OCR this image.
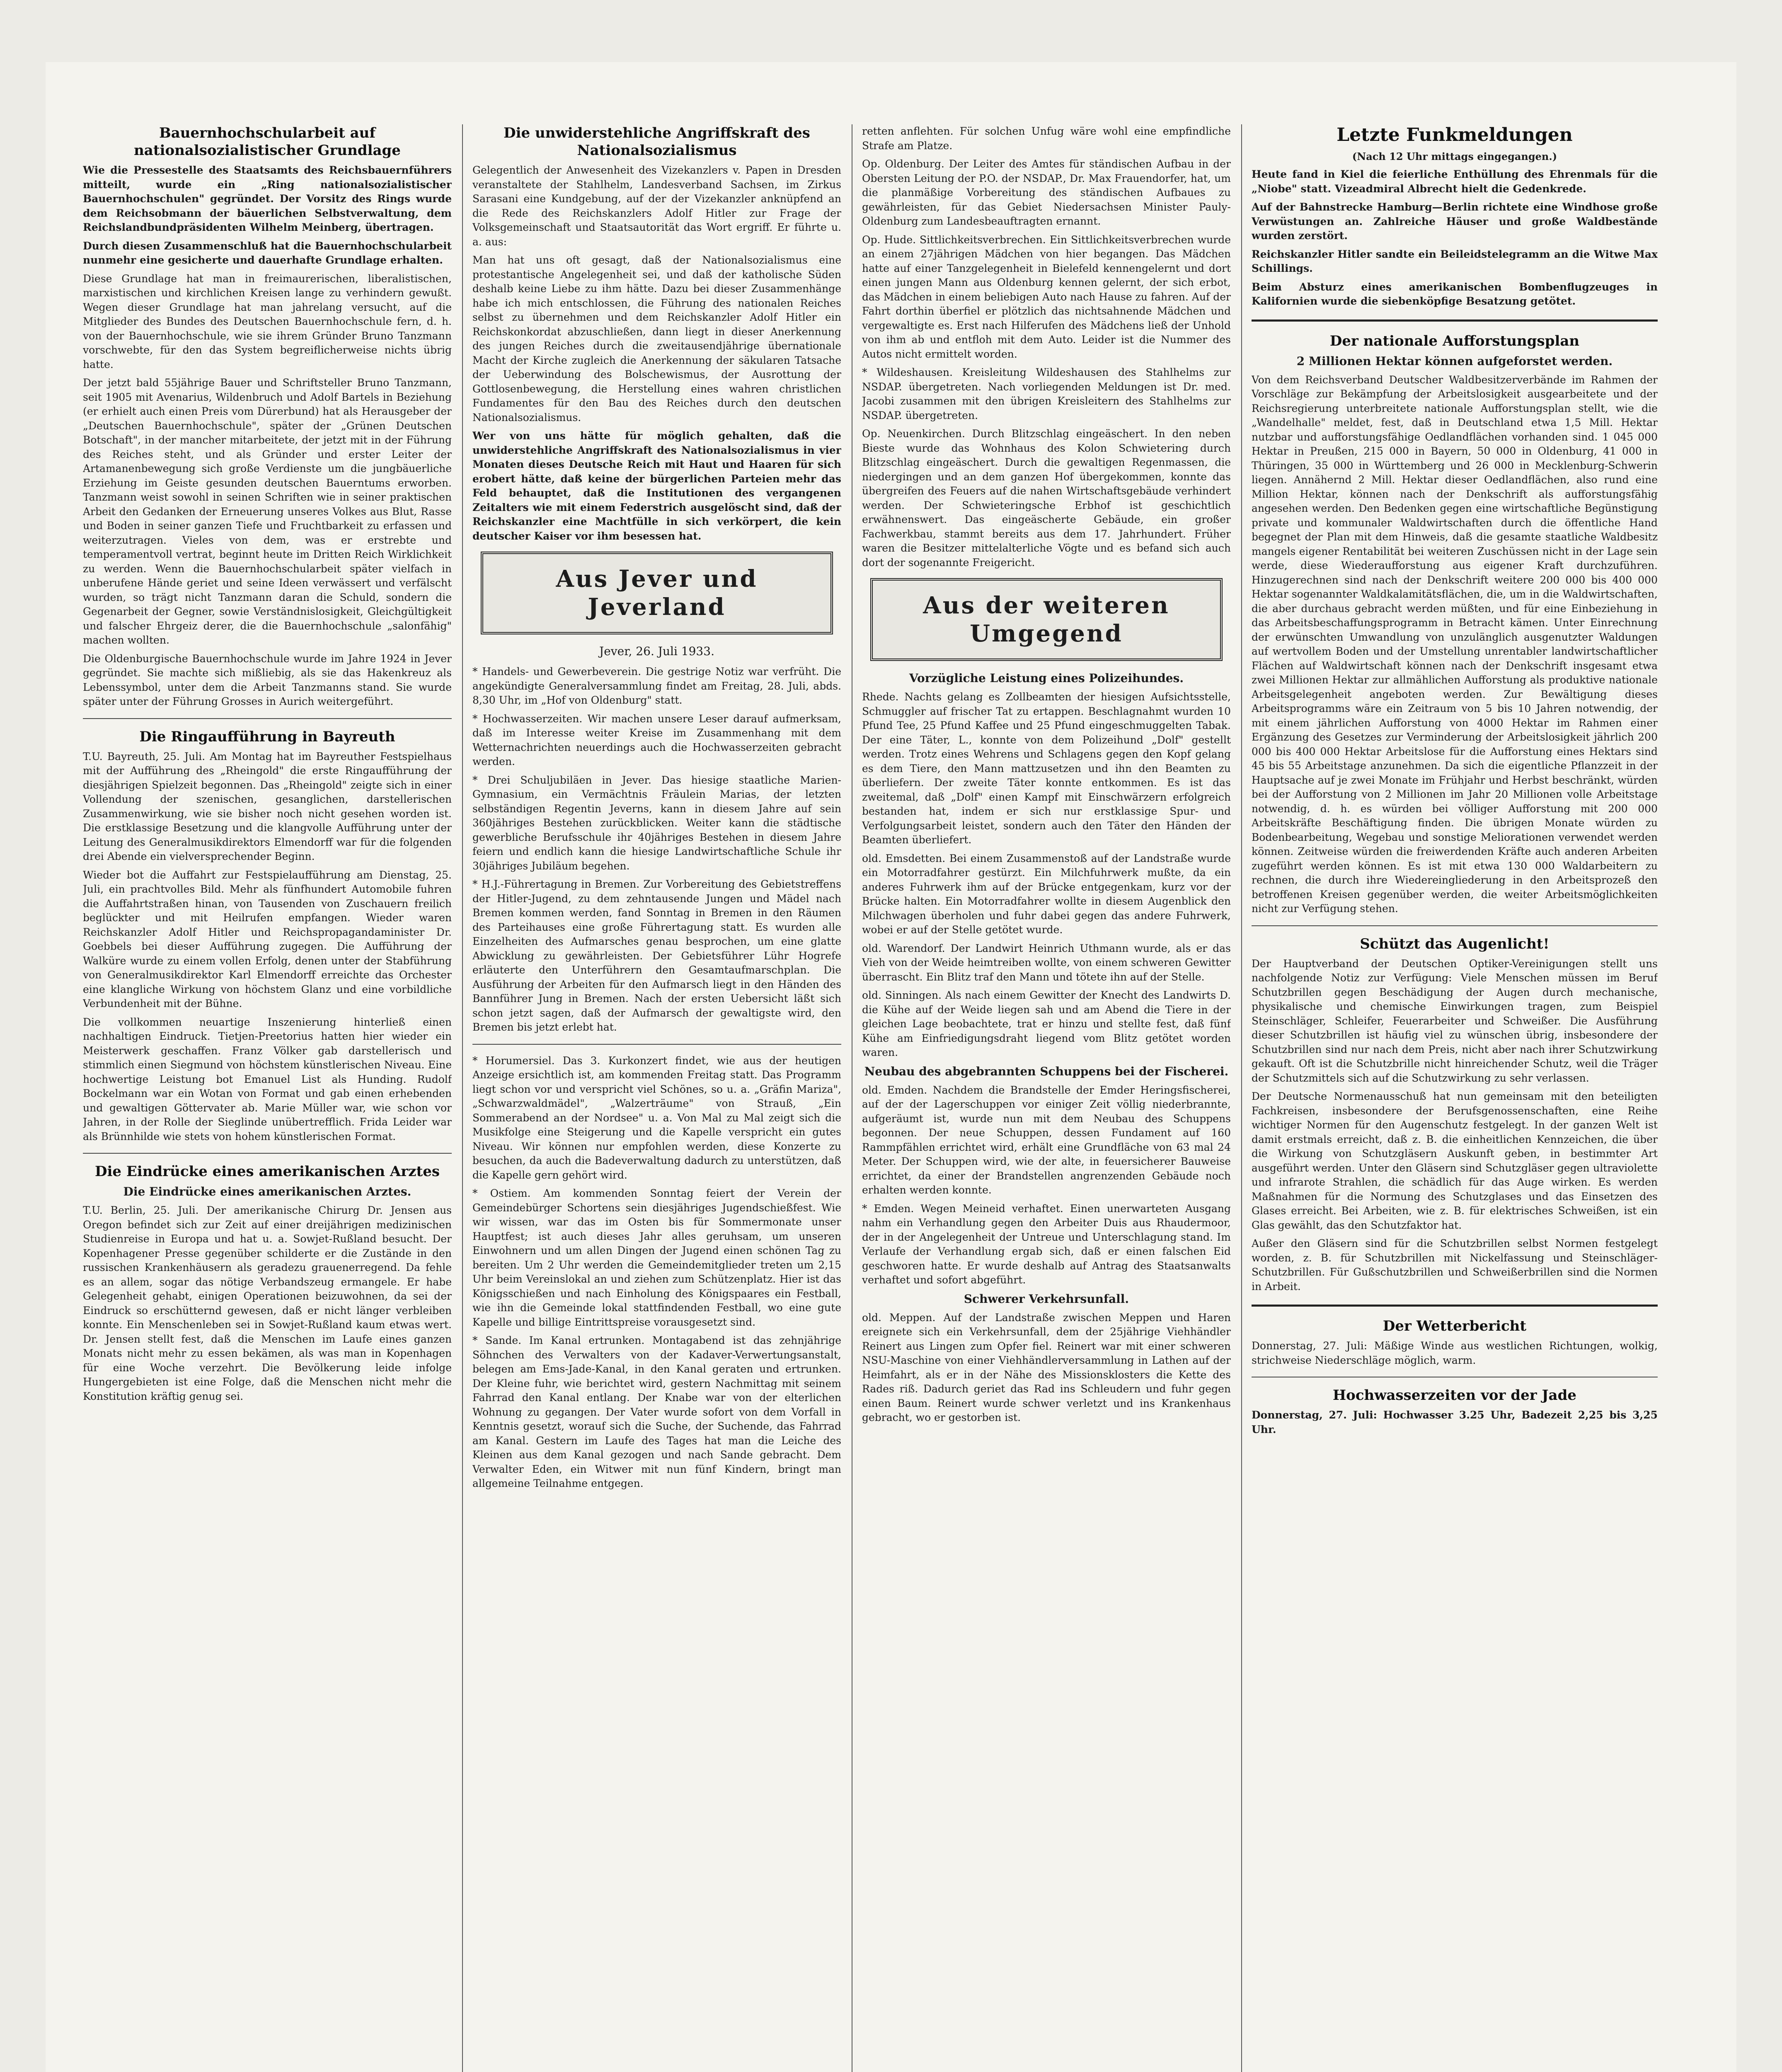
Bauernhochschularbeit auf nationalsozialistischer Grundlage
Wie die Pressestelle des Staatsamts des Reichsbauernführers mitteilt, wurde ein „Ring nationalsozialistischer Bauernhochschulen" gegründet. Der Vorsitz des Rings wurde dem Reichsobmann der bäuerlichen Selbstverwaltung, dem Reichslandbundpräsidenten Wilhelm Meinberg, übertragen.
Durch diesen Zusammenschluß hat die Bauernhochschularbeit nunmehr eine gesicherte und dauerhafte Grundlage erhalten.
Diese Grundlage hat man in freimaurerischen, liberalistischen, marxistischen und kirchlichen Kreisen lange zu verhindern gewußt. Wegen dieser Grundlage hat man jahrelang versucht, auf die Mitglieder des Bundes des Deutschen Bauernhochschule fern, d. h. von der Bauernhochschule, wie sie ihrem Gründer Bruno Tanzmann vorschwebte, für den das System begreiflicherweise nichts übrig hatte.
Der jetzt bald 55jährige Bauer und Schriftsteller Bruno Tanzmann, seit 1905 mit Avenarius, Wildenbruch und Adolf Bartels in Beziehung (er erhielt auch einen Preis vom Dürerbund) hat als Herausgeber der „Deutschen Bauernhochschule", später der „Grünen Deutschen Botschaft", in der mancher mitarbeitete, der jetzt mit in der Führung des Reiches steht, und als Gründer und erster Leiter der Artamanenbewegung sich große Verdienste um die jungbäuerliche Erziehung im Geiste gesunden deutschen Bauerntums erworben. Tanzmann weist sowohl in seinen Schriften wie in seiner praktischen Arbeit den Gedanken der Erneuerung unseres Volkes aus Blut, Rasse und Boden in seiner ganzen Tiefe und Fruchtbarkeit zu erfassen und weiterzutragen. Vieles von dem, was er erstrebte und temperamentvoll vertrat, beginnt heute im Dritten Reich Wirklichkeit zu werden. Wenn die Bauernhochschularbeit später vielfach in unberufene Hände geriet und seine Ideen verwässert und verfälscht wurden, so trägt nicht Tanzmann daran die Schuld, sondern die Gegenarbeit der Gegner, sowie Verständnislosigkeit, Gleichgültigkeit und falscher Ehrgeiz derer, die die Bauernhochschule „salonfähig" machen wollten.
Die Oldenburgische Bauernhochschule wurde im Jahre 1924 in Jever gegründet. Sie machte sich mißliebig, als sie das Hakenkreuz als Lebenssymbol, unter dem die Arbeit Tanzmanns stand. Sie wurde später unter der Führung Grosses in Aurich weitergeführt.
Die Ringaufführung in Bayreuth
T.U. Bayreuth, 25. Juli. Am Montag hat im Bayreuther Festspielhaus mit der Aufführung des „Rheingold" die erste Ringaufführung der diesjährigen Spielzeit begonnen. Das „Rheingold" zeigte sich in einer Vollendung der szenischen, gesanglichen, darstellerischen Zusammenwirkung, wie sie bisher noch nicht gesehen worden ist. Die erstklassige Besetzung und die klangvolle Aufführung unter der Leitung des Generalmusikdirektors Elmendorff war für die folgenden drei Abende ein vielversprechender Beginn.
Wieder bot die Auffahrt zur Festspielaufführung am Dienstag, 25. Juli, ein prachtvolles Bild. Mehr als fünfhundert Automobile fuhren die Auffahrtstraßen hinan, von Tausenden von Zuschauern freilich beglückter und mit Heilrufen empfangen. Wieder waren Reichskanzler Adolf Hitler und Reichspropagandaminister Dr. Goebbels bei dieser Aufführung zugegen. Die Aufführung der Walküre wurde zu einem vollen Erfolg, denen unter der Stabführung von Generalmusikdirektor Karl Elmendorff erreichte das Orchester eine klangliche Wirkung von höchstem Glanz und eine vorbildliche Verbundenheit mit der Bühne.
Die vollkommen neuartige Inszenierung hinterließ einen nachhaltigen Eindruck. Tietjen-Preetorius hatten hier wieder ein Meisterwerk geschaffen. Franz Völker gab darstellerisch und stimmlich einen Siegmund von höchstem künstlerischen Niveau. Eine hochwertige Leistung bot Emanuel List als Hunding. Rudolf Bockelmann war ein Wotan von Format und gab einen erhebenden und gewaltigen Göttervater ab. Marie Müller war, wie schon vor Jahren, in der Rolle der Sieglinde unübertrefflich. Frida Leider war als Brünnhilde wie stets von hohem künstlerischen Format.
Die Eindrücke eines amerikanischen Arztes
Die Eindrücke eines amerikanischen Arztes.
T.U. Berlin, 25. Juli. Der amerikanische Chirurg Dr. Jensen aus Oregon befindet sich zur Zeit auf einer dreijährigen medizinischen Studienreise in Europa und hat u. a. Sowjet-Rußland besucht. Der Kopenhagener Presse gegenüber schilderte er die Zustände in den russischen Krankenhäusern als geradezu grauenerregend. Da fehle es an allem, sogar das nötige Verbandszeug ermangele. Er habe Gelegenheit gehabt, einigen Operationen beizuwohnen, da sei der Eindruck so erschütternd gewesen, daß er nicht länger verbleiben konnte. Ein Menschenleben sei in Sowjet-Rußland kaum etwas wert. Dr. Jensen stellt fest, daß die Menschen im Laufe eines ganzen Monats nicht mehr zu essen bekämen, als was man in Kopenhagen für eine Woche verzehrt. Die Bevölkerung leide infolge Hungergebieten ist eine Folge, daß die Menschen nicht mehr die Konstitution kräftig genug sei.
Die unwiderstehliche Angriffskraft des Nationalsozialismus
Gelegentlich der Anwesenheit des Vizekanzlers v. Papen in Dresden veranstaltete der Stahlhelm, Landesverband Sachsen, im Zirkus Sarasani eine Kundgebung, auf der der Vizekanzler anknüpfend an die Rede des Reichskanzlers Adolf Hitler zur Frage der Volksgemeinschaft und Staatsautorität das Wort ergriff. Er führte u. a. aus:
Man hat uns oft gesagt, daß der Nationalsozialismus eine protestantische Angelegenheit sei, und daß der katholische Süden deshalb keine Liebe zu ihm hätte. Dazu bei dieser Zusammenhänge habe ich mich entschlossen, die Führung des nationalen Reiches selbst zu übernehmen und dem Reichskanzler Adolf Hitler ein Reichskonkordat abzuschließen, dann liegt in dieser Anerkennung des jungen Reiches durch die zweitausendjährige übernationale Macht der Kirche zugleich die Anerkennung der säkularen Tatsache der Ueberwindung des Bolschewismus, der Ausrottung der Gottlosenbewegung, die Herstellung eines wahren christlichen Fundamentes für den Bau des Reiches durch den deutschen Nationalsozialismus.
Wer von uns hätte für möglich gehalten, daß die unwiderstehliche Angriffskraft des Nationalsozialismus in vier Monaten dieses Deutsche Reich mit Haut und Haaren für sich erobert hätte, daß keine der bürgerlichen Parteien mehr das Feld behauptet, daß die Institutionen des vergangenen Zeitalters wie mit einem Federstrich ausgelöscht sind, daß der Reichskanzler eine Machtfülle in sich verkörpert, die kein deutscher Kaiser vor ihm besessen hat.
Aus Jever und Jeverland
Jever, 26. Juli 1933.
* Handels- und Gewerbeverein. Die gestrige Notiz war verfrüht. Die angekündigte Generalversammlung findet am Freitag, 28. Juli, abds. 8,30 Uhr, im „Hof von Oldenburg" statt.
* Hochwasserzeiten. Wir machen unsere Leser darauf aufmerksam, daß im Interesse weiter Kreise im Zusammenhang mit dem Wetternachrichten neuerdings auch die Hochwasserzeiten gebracht werden.
* Drei Schuljubiläen in Jever. Das hiesige staatliche Marien-Gymnasium, ein Vermächtnis Fräulein Marias, der letzten selbständigen Regentin Jeverns, kann in diesem Jahre auf sein 360jähriges Bestehen zurückblicken. Weiter kann die städtische gewerbliche Berufsschule ihr 40jähriges Bestehen in diesem Jahre feiern und endlich kann die hiesige Landwirtschaftliche Schule ihr 30jähriges Jubiläum begehen.
* H.J.-Führertagung in Bremen. Zur Vorbereitung des Gebietstreffens der Hitler-Jugend, zu dem zehntausende Jungen und Mädel nach Bremen kommen werden, fand Sonntag in Bremen in den Räumen des Parteihauses eine große Führertagung statt. Es wurden alle Einzelheiten des Aufmarsches genau besprochen, um eine glatte Abwicklung zu gewährleisten. Der Gebietsführer Lühr Hogrefe erläuterte den Unterführern den Gesamtaufmarschplan. Die Ausführung der Arbeiten für den Aufmarsch liegt in den Händen des Bannführer Jung in Bremen. Nach der ersten Uebersicht läßt sich schon jetzt sagen, daß der Aufmarsch der gewaltigste wird, den Bremen bis jetzt erlebt hat.
* Horumersiel. Das 3. Kurkonzert findet, wie aus der heutigen Anzeige ersichtlich ist, am kommenden Freitag statt. Das Programm liegt schon vor und verspricht viel Schönes, so u. a. „Gräfin Mariza", „Schwarzwaldmädel", „Walzerträume" von Strauß, „Ein Sommerabend an der Nordsee" u. a. Von Mal zu Mal zeigt sich die Musikfolge eine Steigerung und die Kapelle verspricht ein gutes Niveau. Wir können nur empfohlen werden, diese Konzerte zu besuchen, da auch die Badeverwaltung dadurch zu unterstützen, daß die Kapelle gern gehört wird.
* Ostiem. Am kommenden Sonntag feiert der Verein der Gemeindebürger Schortens sein diesjähriges Jugendschießfest. Wie wir wissen, war das im Osten bis für Sommermonate unser Hauptfest; ist auch dieses Jahr alles geruhsam, um unseren Einwohnern und um allen Dingen der Jugend einen schönen Tag zu bereiten. Um 2 Uhr werden die Gemeindemitglieder treten um 2,15 Uhr beim Vereinslokal an und ziehen zum Schützenplatz. Hier ist das Königsschießen und nach Einholung des Königspaares ein Festball, wie ihn die Gemeinde lokal stattfindenden Festball, wo eine gute Kapelle und billige Eintrittspreise vorausgesetzt sind.
* Sande. Im Kanal ertrunken. Montagabend ist das zehnjährige Söhnchen des Verwalters von der Kadaver-Verwertungsanstalt, belegen am Ems-Jade-Kanal, in den Kanal geraten und ertrunken. Der Kleine fuhr, wie berichtet wird, gestern Nachmittag mit seinem Fahrrad den Kanal entlang. Der Knabe war von der elterlichen Wohnung zu gegangen. Der Vater wurde sofort von dem Vorfall in Kenntnis gesetzt, worauf sich die Suche, der Suchende, das Fahrrad am Kanal. Gestern im Laufe des Tages hat man die Leiche des Kleinen aus dem Kanal gezogen und nach Sande gebracht. Dem Verwalter Eden, ein Witwer mit nun fünf Kindern, bringt man allgemeine Teilnahme entgegen.
retten anflehten. Für solchen Unfug wäre wohl eine empfindliche Strafe am Platze.
Op. Oldenburg. Der Leiter des Amtes für ständischen Aufbau in der Obersten Leitung der P.O. der NSDAP., Dr. Max Frauendorfer, hat, um die planmäßige Vorbereitung des ständischen Aufbaues zu gewährleisten, für das Gebiet Niedersachsen Minister Pauly-Oldenburg zum Landesbeauftragten ernannt.
Op. Hude. Sittlichkeitsverbrechen. Ein Sittlichkeitsverbrechen wurde an einem 27jährigen Mädchen von hier begangen. Das Mädchen hatte auf einer Tanzgelegenheit in Bielefeld kennengelernt und dort einen jungen Mann aus Oldenburg kennen gelernt, der sich erbot, das Mädchen in einem beliebigen Auto nach Hause zu fahren. Auf der Fahrt dorthin überfiel er plötzlich das nichtsahnende Mädchen und vergewaltigte es. Erst nach Hilferufen des Mädchens ließ der Unhold von ihm ab und entfloh mit dem Auto. Leider ist die Nummer des Autos nicht ermittelt worden.
* Wildeshausen. Kreisleitung Wildeshausen des Stahlhelms zur NSDAP. übergetreten. Nach vorliegenden Meldungen ist Dr. med. Jacobi zusammen mit den übrigen Kreisleitern des Stahlhelms zur NSDAP. übergetreten.
Op. Neuenkirchen. Durch Blitzschlag eingeäschert. In den neben Bieste wurde das Wohnhaus des Kolon Schwietering durch Blitzschlag eingeäschert. Durch die gewaltigen Regenmassen, die niedergingen und an dem ganzen Hof übergekommen, konnte das übergreifen des Feuers auf die nahen Wirtschaftsgebäude verhindert werden. Der Schwieteringsche Erbhof ist geschichtlich erwähnenswert. Das eingeäscherte Gebäude, ein großer Fachwerkbau, stammt bereits aus dem 17. Jahrhundert. Früher waren die Besitzer mittelalterliche Vögte und es befand sich auch dort der sogenannte Freigericht.
Aus der weiteren Umgegend
Vorzügliche Leistung eines Polizeihundes.
Rhede. Nachts gelang es Zollbeamten der hiesigen Aufsichtsstelle, Schmuggler auf frischer Tat zu ertappen. Beschlagnahmt wurden 10 Pfund Tee, 25 Pfund Kaffee und 25 Pfund eingeschmuggelten Tabak. Der eine Täter, L., konnte von dem Polizeihund „Dolf" gestellt werden. Trotz eines Wehrens und Schlagens gegen den Kopf gelang es dem Tiere, den Mann mattzusetzen und ihn den Beamten zu überliefern. Der zweite Täter konnte entkommen. Es ist das zweitemal, daß „Dolf" einen Kampf mit Einschwärzern erfolgreich bestanden hat, indem er sich nur erstklassige Spur- und Verfolgungsarbeit leistet, sondern auch den Täter den Händen der Beamten überliefert.
old. Emsdetten. Bei einem Zusammenstoß auf der Landstraße wurde ein Motorradfahrer gestürzt. Ein Milchfuhrwerk mußte, da ein anderes Fuhrwerk ihm auf der Brücke entgegenkam, kurz vor der Brücke halten. Ein Motorradfahrer wollte in diesem Augenblick den Milchwagen überholen und fuhr dabei gegen das andere Fuhrwerk, wobei er auf der Stelle getötet wurde.
old. Warendorf. Der Landwirt Heinrich Uthmann wurde, als er das Vieh von der Weide heimtreiben wollte, von einem schweren Gewitter überrascht. Ein Blitz traf den Mann und tötete ihn auf der Stelle.
old. Sinningen. Als nach einem Gewitter der Knecht des Landwirts D. die Kühe auf der Weide liegen sah und am Abend die Tiere in der gleichen Lage beobachtete, trat er hinzu und stellte fest, daß fünf Kühe am Einfriedigungsdraht liegend vom Blitz getötet worden waren.
Neubau des abgebrannten Schuppens bei der Fischerei.
old. Emden. Nachdem die Brandstelle der Emder Heringsfischerei, auf der der Lagerschuppen vor einiger Zeit völlig niederbrannte, aufgeräumt ist, wurde nun mit dem Neubau des Schuppens begonnen. Der neue Schuppen, dessen Fundament auf 160 Rammpfählen errichtet wird, erhält eine Grundfläche von 63 mal 24 Meter. Der Schuppen wird, wie der alte, in feuersicherer Bauweise errichtet, da einer der Brandstellen angrenzenden Gebäude noch erhalten werden konnte.
* Emden. Wegen Meineid verhaftet. Einen unerwarteten Ausgang nahm ein Verhandlung gegen den Arbeiter Duis aus Rhaudermoor, der in der Angelegenheit der Untreue und Unterschlagung stand. Im Verlaufe der Verhandlung ergab sich, daß er einen falschen Eid geschworen hatte. Er wurde deshalb auf Antrag des Staatsanwalts verhaftet und sofort abgeführt.
Schwerer Verkehrsunfall.
old. Meppen. Auf der Landstraße zwischen Meppen und Haren ereignete sich ein Verkehrsunfall, dem der 25jährige Viehhändler Reinert aus Lingen zum Opfer fiel. Reinert war mit einer schweren NSU-Maschine von einer Viehhändlerversammlung in Lathen auf der Heimfahrt, als er in der Nähe des Missionsklosters die Kette des Rades riß. Dadurch geriet das Rad ins Schleudern und fuhr gegen einen Baum. Reinert wurde schwer verletzt und ins Krankenhaus gebracht, wo er gestorben ist.
Letzte Funkmeldungen
(Nach 12 Uhr mittags eingegangen.)
Heute fand in Kiel die feierliche Enthüllung des Ehrenmals für die „Niobe" statt. Vizeadmiral Albrecht hielt die Gedenkrede.
Auf der Bahnstrecke Hamburg—Berlin richtete eine Windhose große Verwüstungen an. Zahlreiche Häuser und große Waldbestände wurden zerstört.
Reichskanzler Hitler sandte ein Beileidstelegramm an die Witwe Max Schillings.
Beim Absturz eines amerikanischen Bombenflugzeuges in Kalifornien wurde die siebenköpfige Besatzung getötet.
Der nationale Aufforstungsplan
2 Millionen Hektar können aufgeforstet werden.
Von dem Reichsverband Deutscher Waldbesitzerverbände im Rahmen der Vorschläge zur Bekämpfung der Arbeitslosigkeit ausgearbeitete und der Reichsregierung unterbreitete nationale Aufforstungsplan stellt, wie die „Wandelhalle" meldet, fest, daß in Deutschland etwa 1,5 Mill. Hektar nutzbar und aufforstungsfähige Oedlandflächen vorhanden sind. 1 045 000 Hektar in Preußen, 215 000 in Bayern, 50 000 in Oldenburg, 41 000 in Thüringen, 35 000 in Württemberg und 26 000 in Mecklenburg-Schwerin liegen. Annähernd 2 Mill. Hektar dieser Oedlandflächen, also rund eine Million Hektar, können nach der Denkschrift als aufforstungsfähig angesehen werden. Den Bedenken gegen eine wirtschaftliche Begünstigung private und kommunaler Waldwirtschaften durch die öffentliche Hand begegnet der Plan mit dem Hinweis, daß die gesamte staatliche Waldbesitz mangels eigener Rentabilität bei weiteren Zuschüssen nicht in der Lage sein werde, diese Wiederaufforstung aus eigener Kraft durchzuführen. Hinzugerechnen sind nach der Denkschrift weitere 200 000 bis 400 000 Hektar sogenannter Waldkalamitätsflächen, die, um in die Waldwirtschaften, die aber durchaus gebracht werden müßten, und für eine Einbeziehung in das Arbeitsbeschaffungsprogramm in Betracht kämen. Unter Einrechnung der erwünschten Umwandlung von unzulänglich ausgenutzter Waldungen auf wertvollem Boden und der Umstellung unrentabler landwirtschaftlicher Flächen auf Waldwirtschaft können nach der Denkschrift insgesamt etwa zwei Millionen Hektar zur allmählichen Aufforstung als produktive nationale Arbeitsgelegenheit angeboten werden. Zur Bewältigung dieses Arbeitsprogramms wäre ein Zeitraum von 5 bis 10 Jahren notwendig, der mit einem jährlichen Aufforstung von 4000 Hektar im Rahmen einer Ergänzung des Gesetzes zur Verminderung der Arbeitslosigkeit jährlich 200 000 bis 400 000 Hektar Arbeitslose für die Aufforstung eines Hektars sind 45 bis 55 Arbeitstage anzunehmen. Da sich die eigentliche Pflanzzeit in der Hauptsache auf je zwei Monate im Frühjahr und Herbst beschränkt, würden bei der Aufforstung von 2 Millionen im Jahr 20 Millionen volle Arbeitstage notwendig, d. h. es würden bei völliger Aufforstung mit 200 000 Arbeitskräfte Beschäftigung finden. Die übrigen Monate würden zu Bodenbearbeitung, Wegebau und sonstige Meliorationen verwendet werden können. Zeitweise würden die freiwerdenden Kräfte auch anderen Arbeiten zugeführt werden können. Es ist mit etwa 130 000 Waldarbeitern zu rechnen, die durch ihre Wiedereingliederung in den Arbeitsprozeß den betroffenen Kreisen gegenüber werden, die weiter Arbeitsmöglichkeiten nicht zur Verfügung stehen.
Schützt das Augenlicht!
Der Hauptverband der Deutschen Optiker-Vereinigungen stellt uns nachfolgende Notiz zur Verfügung: Viele Menschen müssen im Beruf Schutzbrillen gegen Beschädigung der Augen durch mechanische, physikalische und chemische Einwirkungen tragen, zum Beispiel Steinschläger, Schleifer, Feuerarbeiter und Schweißer. Die Ausführung dieser Schutzbrillen ist häufig viel zu wünschen übrig, insbesondere der Schutzbrillen sind nur nach dem Preis, nicht aber nach ihrer Schutzwirkung gekauft. Oft ist die Schutzbrille nicht hinreichender Schutz, weil die Träger der Schutzmittels sich auf die Schutzwirkung zu sehr verlassen.
Der Deutsche Normenausschuß hat nun gemeinsam mit den beteiligten Fachkreisen, insbesondere der Berufsgenossenschaften, eine Reihe wichtiger Normen für den Augenschutz festgelegt. In der ganzen Welt ist damit erstmals erreicht, daß z. B. die einheitlichen Kennzeichen, die über die Wirkung von Schutzgläsern Auskunft geben, in bestimmter Art ausgeführt werden. Unter den Gläsern sind Schutzgläser gegen ultraviolette und infrarote Strahlen, die schädlich für das Auge wirken. Es werden Maßnahmen für die Normung des Schutzglases und das Einsetzen des Glases erreicht. Bei Arbeiten, wie z. B. für elektrisches Schweißen, ist ein Glas gewählt, das den Schutzfaktor hat.
Außer den Gläsern sind für die Schutzbrillen selbst Normen festgelegt worden, z. B. für Schutzbrillen mit Nickelfassung und Steinschläger-Schutzbrillen. Für Gußschutzbrillen und Schweißerbrillen sind die Normen in Arbeit.
Der Wetterbericht
Donnerstag, 27. Juli: Mäßige Winde aus westlichen Richtungen, wolkig, strichweise Niederschläge möglich, warm.
Hochwasserzeiten vor der Jade
Donnerstag, 27. Juli: Hochwasser 3.25 Uhr, Badezeit 2,25 bis 3,25 Uhr.
